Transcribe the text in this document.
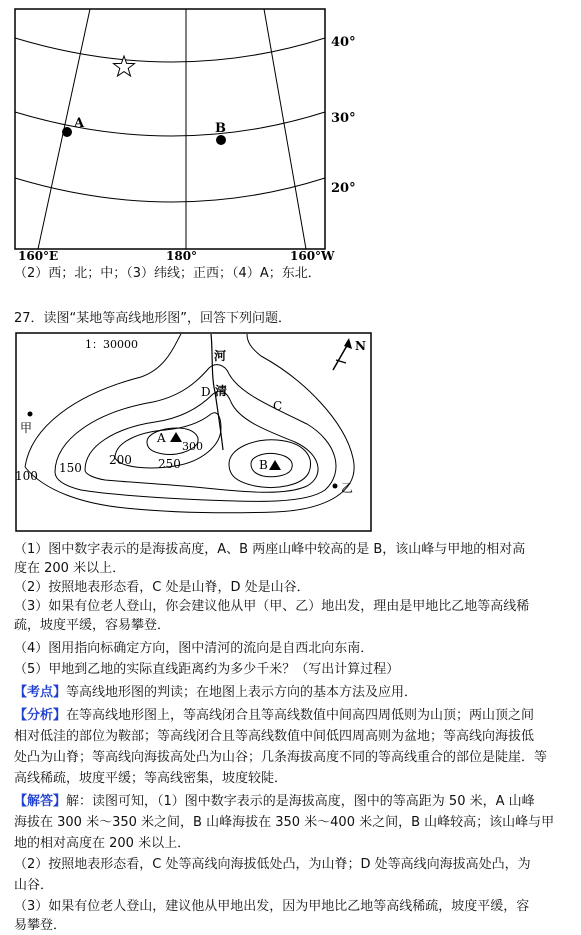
A	B
40°
30°
20°
160°E	180°	160°W
（2）西；北；中；（3）纬线；正西；（4）A；东北．
27．读图“某地等高线地形图”，回答下列问题．
1：30000
河
清
D
C
A
300
B
100
150
200 250
甲
乙
N
（1）图中数字表示的是海拔高度，A、B 两座山峰中较高的是 B，该山峰与甲地的相对高
度在 200 米以上．
（2）按照地表形态看，C 处是山脊，D 处是山谷．
（3）如果有位老人登山，你会建议他从甲（甲、乙）地出发，理由是甲地比乙地等高线稀
疏，坡度平缓，容易攀登．
（4）图用指向标确定方向，图中清河的流向是自西北向东南．
（5）甲地到乙地的实际直线距离约为多少千米？（写出计算过程）
【考点】等高线地形图的判读；在地图上表示方向的基本方法及应用．
【分析】在等高线地形图上，等高线闭合且等高线数值中间高四周低则为山顶；两山顶之间
相对低洼的部位为鞍部；等高线闭合且等高线数值中间低四周高则为盆地；等高线向海拔低
处凸为山脊；等高线向海拔高处凸为山谷；几条海拔高度不同的等高线重合的部位是陡崖．等
高线稀疏，坡度平缓；等高线密集，坡度较陡．
【解答】解：读图可知，（1）图中数字表示的是海拔高度，图中的等高距为 50 米，A 山峰
海拔在 300 米～350 米之间，B 山峰海拔在 350 米～400 米之间，B 山峰较高；该山峰与甲
地的相对高度在 200 米以上．
（2）按照地表形态看，C 处等高线向海拔低处凸，为山脊；D 处等高线向海拔高处凸，为
山谷．
（3）如果有位老人登山，建议他从甲地出发，因为甲地比乙地等高线稀疏，坡度平缓，容
易攀登．
